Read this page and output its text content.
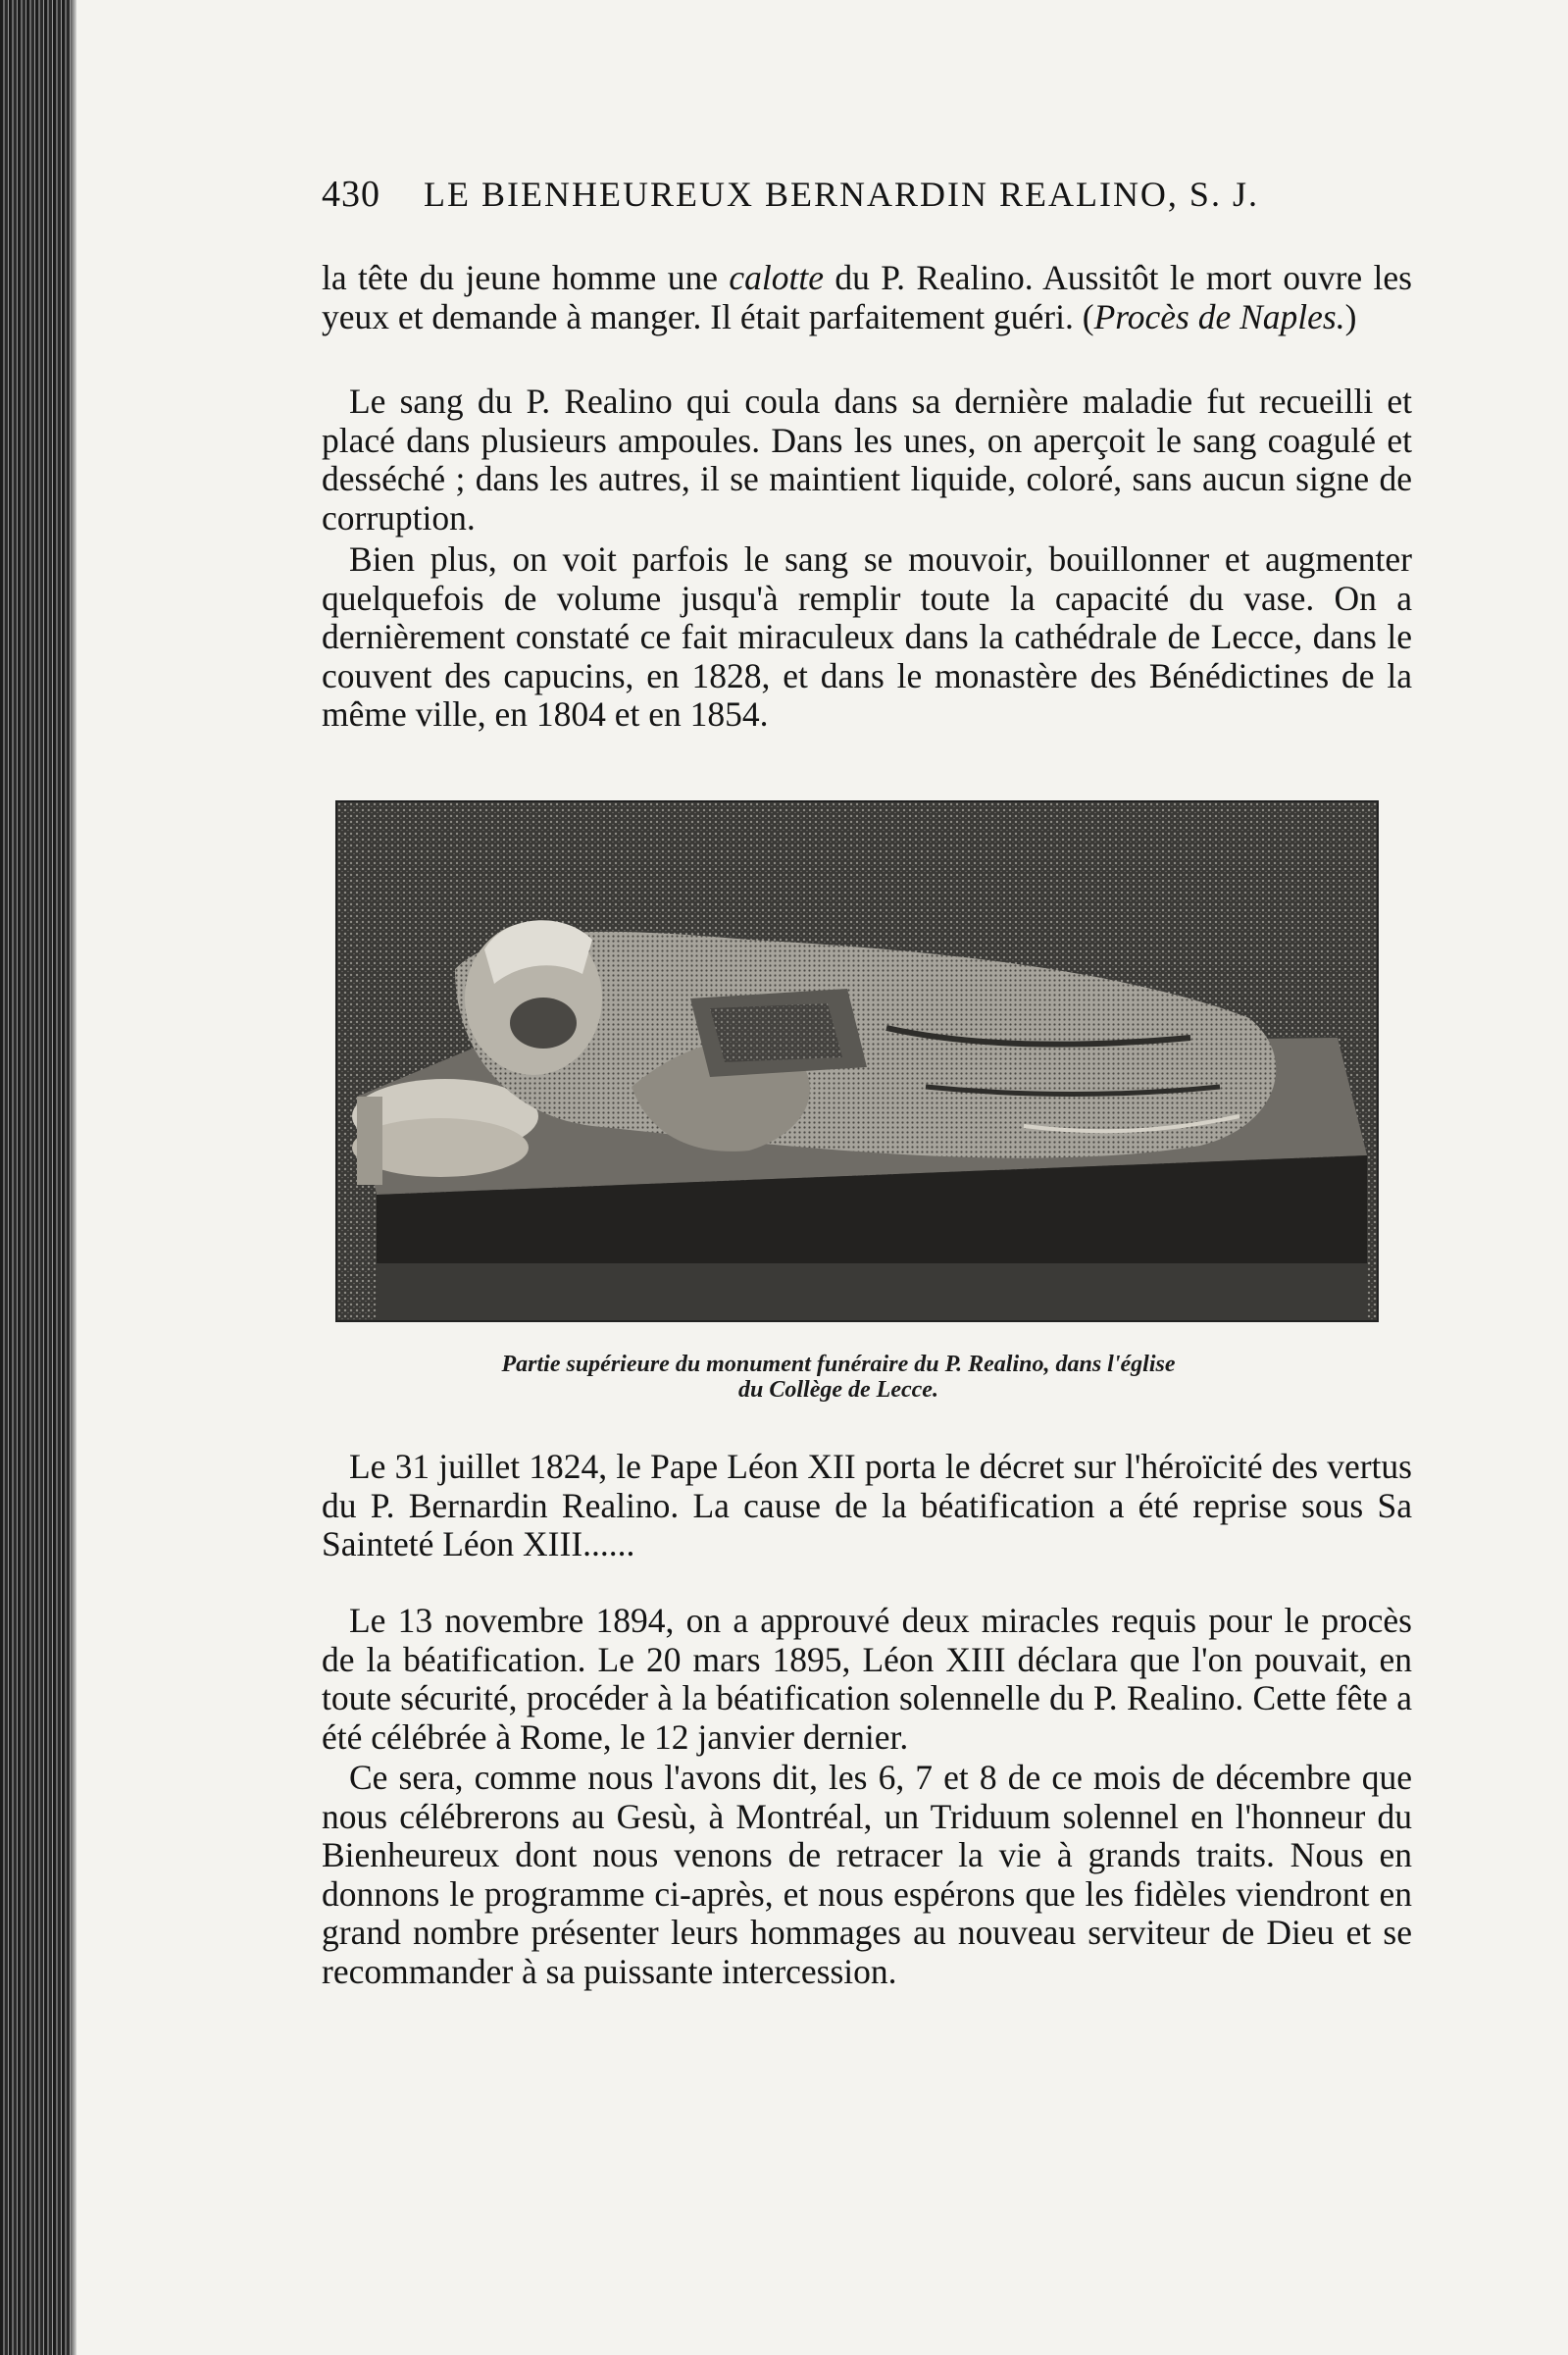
430 LE BIENHEUREUX BERNARDIN REALINO, S. J.

la tête du jeune homme une calotte du P. Realino. Aussitôt le mort ouvre les yeux et demande à manger. Il était parfaitement guéri. (Procès de Naples.)

Le sang du P. Realino qui coula dans sa dernière maladie fut recueilli et placé dans plusieurs ampoules. Dans les unes, on aperçoit le sang coagulé et desséché ; dans les autres, il se maintient liquide, coloré, sans aucun signe de corruption.

Bien plus, on voit parfois le sang se mouvoir, bouillonner et augmenter quelquefois de volume jusqu'à remplir toute la capacité du vase. On a dernièrement constaté ce fait miraculeux dans la cathédrale de Lecce, dans le couvent des capucins, en 1828, et dans le monastère des Bénédictines de la même ville, en 1804 et en 1854.

Partie supérieure du monument funéraire du P. Realino, dans l'église
du Collège de Lecce.

Le 31 juillet 1824, le Pape Léon XII porta le décret sur l'héroïcité des vertus du P. Bernardin Realino. La cause de la béatification a été reprise sous Sa Sainteté Léon XIII......

Le 13 novembre 1894, on a approuvé deux miracles requis pour le procès de la béatification. Le 20 mars 1895, Léon XIII déclara que l'on pouvait, en toute sécurité, procéder à la béatification solennelle du P. Realino. Cette fête a été célébrée à Rome, le 12 janvier dernier.

Ce sera, comme nous l'avons dit, les 6, 7 et 8 de ce mois de décembre que nous célébrerons au Gesù, à Montréal, un Triduum solennel en l'honneur du Bienheureux dont nous venons de retracer la vie à grands traits. Nous en donnons le programme ci-après, et nous espérons que les fidèles viendront en grand nombre présenter leurs hommages au nouveau serviteur de Dieu et se recommander à sa puissante intercession.
